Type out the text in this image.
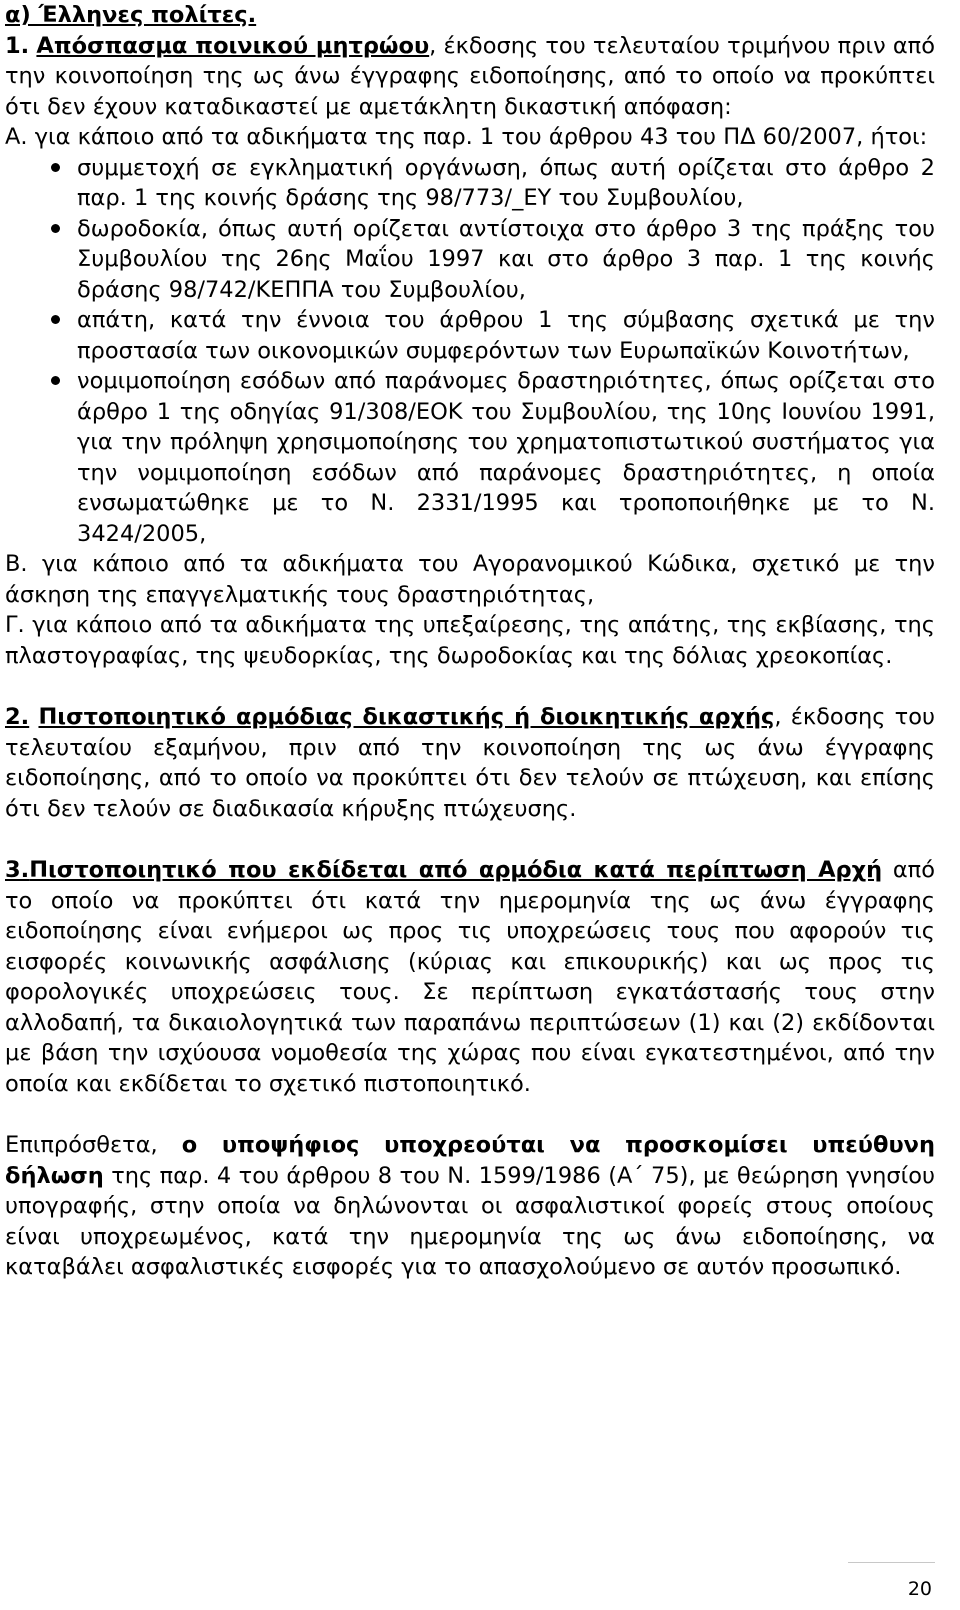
α) Έλληνες πολίτες.

1. Απόσπασμα ποινικού μητρώου, έκδοσης του τελευταίου τριμήνου πριν από την κοινοποίηση της ως άνω έγγραφης ειδοποίησης, από το οποίο να προκύπτει ότι δεν έχουν καταδικαστεί με αμετάκλητη δικαστική απόφαση:

Α. για κάποιο από τα αδικήματα της παρ. 1 του άρθρου 43 του ΠΔ 60/2007, ήτοι:

συμμετοχή σε εγκληματική οργάνωση, όπως αυτή ορίζεται στο άρθρο 2 παρ. 1 της κοινής δράσης της 98/773/_ΕΥ του Συμβουλίου,
δωροδοκία, όπως αυτή ορίζεται αντίστοιχα στο άρθρο 3 της πράξης του Συμβουλίου της 26ης Μαΐου 1997 και στο άρθρο 3 παρ. 1 της κοινής δράσης 98/742/ΚΕΠΠΑ του Συμβουλίου,
απάτη, κατά την έννοια του άρθρου 1 της σύμβασης σχετικά με την προστασία των οικονομικών συμφερόντων των Ευρωπαϊκών Κοινοτήτων,
νομιμοποίηση εσόδων από παράνομες δραστηριότητες, όπως ορίζεται στο άρθρο 1 της οδηγίας 91/308/ΕΟΚ του Συμβουλίου, της 10ης Ιουνίου 1991, για την πρόληψη χρησιμοποίησης του χρηματοπιστωτικού συστήματος για την νομιμοποίηση εσόδων από παράνομες δραστηριότητες, η οποία ενσωματώθηκε με το Ν. 2331/1995 και τροποποιήθηκε με το Ν. 3424/2005,

Β. για κάποιο από τα αδικήματα του Αγορανομικού Κώδικα, σχετικό με την άσκηση της επαγγελματικής τους δραστηριότητας,

Γ. για κάποιο από τα αδικήματα της υπεξαίρεσης, της απάτης, της εκβίασης, της πλαστογραφίας, της ψευδορκίας, της δωροδοκίας και της δόλιας χρεοκοπίας.

2. Πιστοποιητικό αρμόδιας δικαστικής ή διοικητικής αρχής, έκδοσης του τελευταίου εξαμήνου, πριν από την κοινοποίηση της ως άνω έγγραφης ειδοποίησης, από το οποίο να προκύπτει ότι δεν τελούν σε πτώχευση, και επίσης ότι δεν τελούν σε διαδικασία κήρυξης πτώχευσης.

3.Πιστοποιητικό που εκδίδεται από αρμόδια κατά περίπτωση Αρχή από το οποίο να προκύπτει ότι κατά την ημερομηνία της ως άνω έγγραφης ειδοποίησης είναι ενήμεροι ως προς τις υποχρεώσεις τους που αφορούν τις εισφορές κοινωνικής ασφάλισης (κύριας και επικουρικής) και ως προς τις φορολογικές υποχρεώσεις τους. Σε περίπτωση εγκατάστασής τους στην αλλοδαπή, τα δικαιολογητικά των παραπάνω περιπτώσεων (1) και (2) εκδίδονται με βάση την ισχύουσα νομοθεσία της χώρας που είναι εγκατεστημένοι, από την οποία και εκδίδεται το σχετικό πιστοποιητικό.

Επιπρόσθετα, ο υποψήφιος υποχρεούται να προσκομίσει υπεύθυνη δήλωση της παρ. 4 του άρθρου 8 του Ν. 1599/1986 (Α΄ 75), με θεώρηση γνησίου υπογραφής, στην οποία να δηλώνονται οι ασφαλιστικοί φορείς στους οποίους είναι υποχρεωμένος, κατά την ημερομηνία της ως άνω ειδοποίησης, να καταβάλει ασφαλιστικές εισφορές για το απασχολούμενο σε αυτόν προσωπικό.

20
